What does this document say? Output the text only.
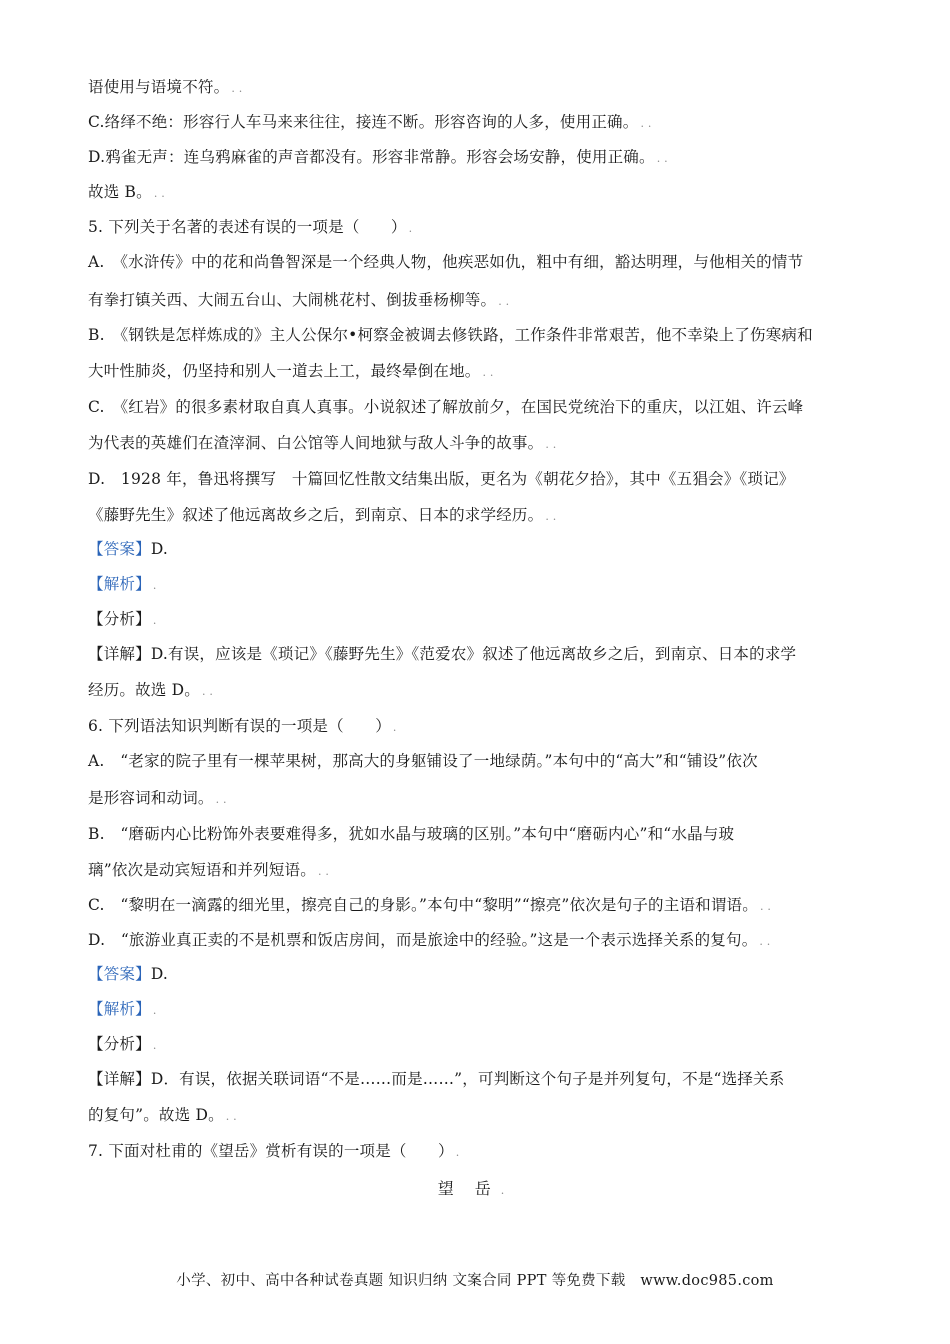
语使用与语境不符。 . .
C.络绎不绝：形容行人车马来来往往，接连不断。形容咨询的人多，使用正确。 . .
D.鸦雀无声：连乌鸦麻雀的声音都没有。形容非常静。形容会场安静，使用正确。 . .
故选 B。 . .
5. 下列关于名著的表述有误的一项是（　　） .
A.　《水浒传》中的花和尚鲁智深是一个经典人物，他疾恶如仇，粗中有细，豁达明理，与他相关的情节
有拳打镇关西、大闹五台山、大闹桃花村、倒拔垂杨柳等。 . .
B.　《钢铁是怎样炼成的》主人公保尔•柯察金被调去修铁路，工作条件非常艰苦，他不幸染上了伤寒病和
大叶性肺炎，仍坚持和别人一道去上工，最终晕倒在地。 . .
C.　《红岩》的很多素材取自真人真事。小说叙述了解放前夕，在国民党统治下的重庆，以江姐、许云峰
为代表的英雄们在渣滓洞、白公馆等人间地狱与敌人斗争的故事。 . .
D.　1928 年，鲁迅将撰写　十篇回忆性散文结集出版，更名为《朝花夕拾》，其中《五猖会》《琐记》
《藤野先生》叙述了他远离故乡之后，到南京、日本的求学经历。 . .
【答案】D.
【解析】 .
【分析】 .
【详解】D.有误，应该是《琐记》《藤野先生》《范爱农》叙述了他远离故乡之后，到南京、日本的求学
经历。故选 D。 . .
6. 下列语法知识判断有误的一项是（　　） .
A.　“老家的院子里有一棵苹果树，那高大的身躯铺设了一地绿荫。”本句中的“高大”和“铺设”依次
是形容词和动词。 . .
B.　“磨砺内心比粉饰外表要难得多，犹如水晶与玻璃的区别。”本句中“磨砺内心”和“水晶与玻
璃”依次是动宾短语和并列短语。 . .
C.　“黎明在一滴露的细光里，擦亮自己的身影。”本句中“黎明”“擦亮”依次是句子的主语和谓语。 . .
D.　“旅游业真正卖的不是机票和饭店房间，而是旅途中的经验。”这是一个表示选择关系的复句。 . .
【答案】D.
【解析】 .
【分析】 .
【详解】D．有误，依据关联词语“不是……而是……”，可判断这个句子是并列复句，不是“选择关系
的复句”。故选 D。 . .
7. 下面对杜甫的《望岳》赏析有误的一项是（　　） .
望 岳 .
小学、初中、高中各种试卷真题 知识归纳 文案合同 PPT 等免费下载　www.doc985.com
